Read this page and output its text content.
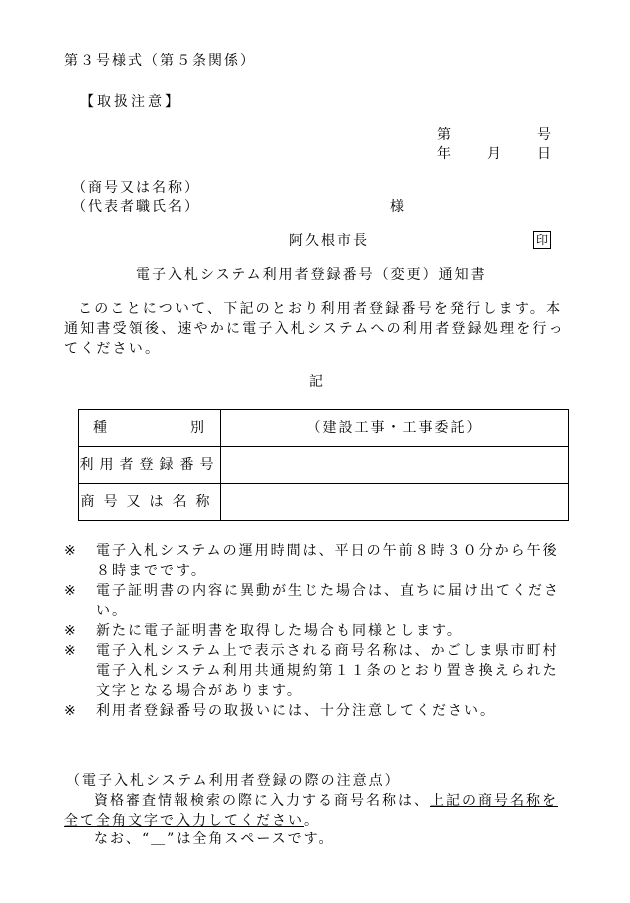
第３号様式（第５条関係）
【取扱注意】
第	号
年	月	日
（商号又は名称）
（代表者職氏名）	様
阿久根市長	印
電子入札システム利用者登録番号（変更）通知書
このことについて、下記のとおり利用者登録番号を発行します。本通知書受領後、速やかに電子入札システムへの利用者登録処理を行ってください。
記
種 別	（建設工事・工事委託）

利用者登録番号	

商号又は名称	

※ 電子入札システムの運用時間は、平日の午前８時３０分から午後８時までです。
※ 電子証明書の内容に異動が生じた場合は、直ちに届け出てください。
※ 新たに電子証明書を取得した場合も同様とします。
※ 電子入札システム上で表示される商号名称は、かごしま県市町村電子入札システム利用共通規約第１１条のとおり置き換えられた文字となる場合があります。
※ 利用者登録番号の取扱いには、十分注意してください。
（電子入札システム利用者登録の際の注意点）
資格審査情報検索の際に入力する商号名称は、上記の商号名称を全て全角文字で入力してください。
なお、“＿”は全角スペースです。
